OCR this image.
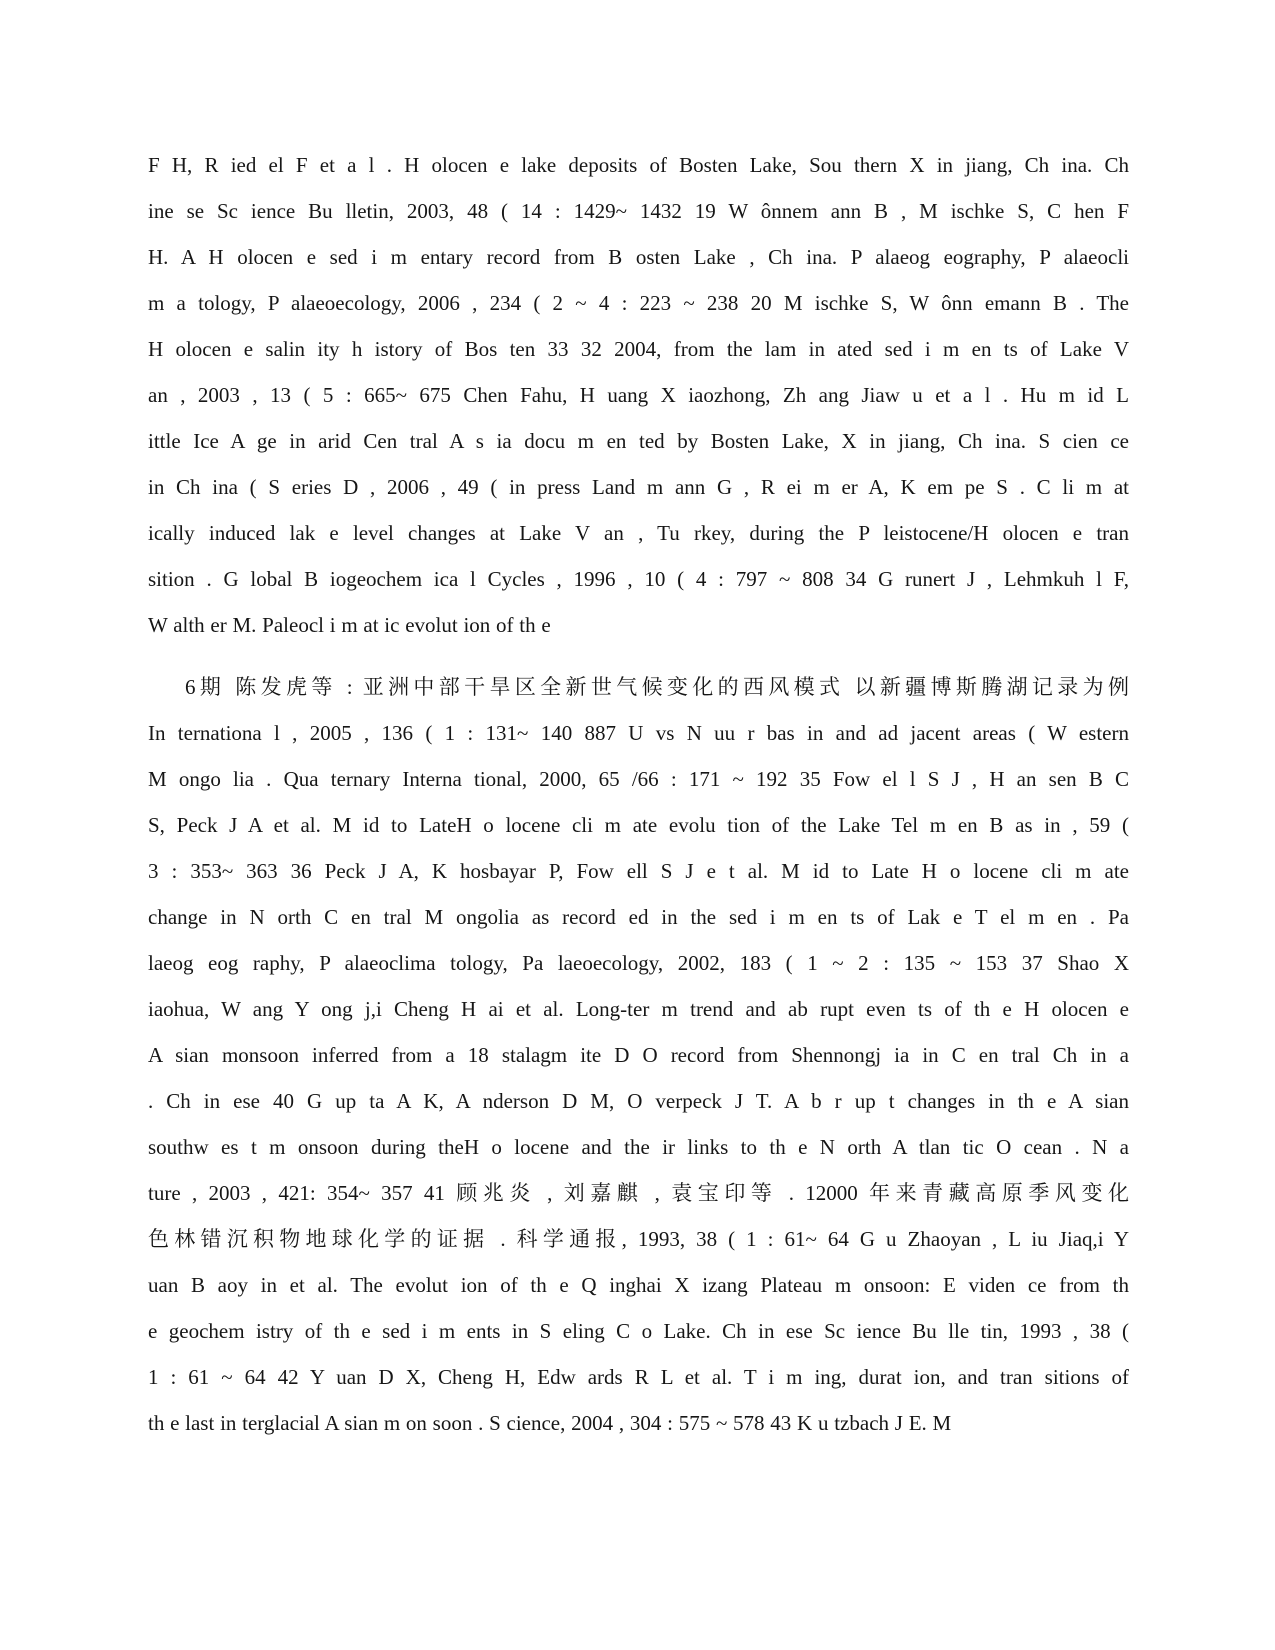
F H, R ied el F et a l . H olocen e lake deposits of Bosten Lake, Sou thern X in jiang, Ch ina. Ch
ine se Sc ience Bu lletin, 2003, 48 ( 14 : 1429~ 1432 19 W ônnem ann B , M ischke S, C hen F
H. A H olocen e sed i m entary record from B osten Lake , Ch ina. P alaeog eography, P alaeocli
m a tology, P alaeoecology, 2006 , 234 ( 2 ~ 4 : 223 ~ 238 20 M ischke S, W ônn emann B . The
H olocen e salin ity h istory of Bos ten 33 32 2004, from the lam in ated sed i m en ts of Lake V
an , 2003 , 13 ( 5 : 665~ 675 Chen Fahu, H uang X iaozhong, Zh ang Jiaw u et a l . Hu m id L
ittle Ice A ge in arid Cen tral A s ia docu m en ted by Bosten Lake, X in jiang, Ch ina. S cien ce
in Ch ina ( S eries D , 2006 , 49 ( in press Land m ann G , R ei m er A, K em pe S . C li m at
ically induced lak e level changes at Lake V an , Tu rkey, during the P leistocene/H olocen e tran
sition . G lobal B iogeochem ica l Cycles , 1996 , 10 ( 4 : 797 ~ 808 34 G runert J , Lehmkuh l F,
W alth er M. Paleocl i m at ic evolut ion of th e
6期 陈发虎等 : 亚洲中部干旱区全新世气候变化的西风模式 以新疆博斯腾湖记录为例
In ternationa l , 2005 , 136 ( 1 : 131~ 140 887 U vs N uu r bas in and ad jacent areas ( W estern
M ongo lia . Qua ternary Interna tional, 2000, 65 /66 : 171 ~ 192 35 Fow el l S J , H an sen B C
S, Peck J A et al. M id to LateH o locene cli m ate evolu tion of the Lake Tel m en B as in , 59 (
3 : 353~ 363 36 Peck J A, K hosbayar P, Fow ell S J e t al. M id to Late H o locene cli m ate
change in N orth C en tral M ongolia as record ed in the sed i m en ts of Lak e T el m en . Pa
laeog eog raphy, P alaeoclima tology, Pa laeoecology, 2002, 183 ( 1 ~ 2 : 135 ~ 153 37 Shao X
iaohua, W ang Y ong j,i Cheng H ai et al. Long-ter m trend and ab rupt even ts of th e H olocen e
A sian monsoon inferred from a 18 stalagm ite D O record from Shennongj ia in C en tral Ch in a
. Ch in ese 40 G up ta A K, A nderson D M, O verpeck J T. A b r up t changes in th e A sian
southw es t m onsoon during theH o locene and the ir links to th e N orth A tlan tic O cean . N a
ture , 2003 , 421: 354~ 357 41 顾兆炎 , 刘嘉麒 , 袁宝印等 . 12000 年来青藏高原季风变化
色林错沉积物地球化学的证据 . 科学通报, 1993, 38 ( 1 : 61~ 64 G u Zhaoyan , L iu Jiaq,i Y
uan B aoy in et al. The evolut ion of th e Q inghai X izang Plateau m onsoon: E viden ce from th
e geochem istry of th e sed i m ents in S eling C o Lake. Ch in ese Sc ience Bu lle tin, 1993 , 38 (
1 : 61 ~ 64 42 Y uan D X, Cheng H, Edw ards R L et al. T i m ing, durat ion, and tran sitions of
th e last in terglacial A sian m on soon . S cience, 2004 , 304 : 575 ~ 578 43 K u tzbach J E. M
